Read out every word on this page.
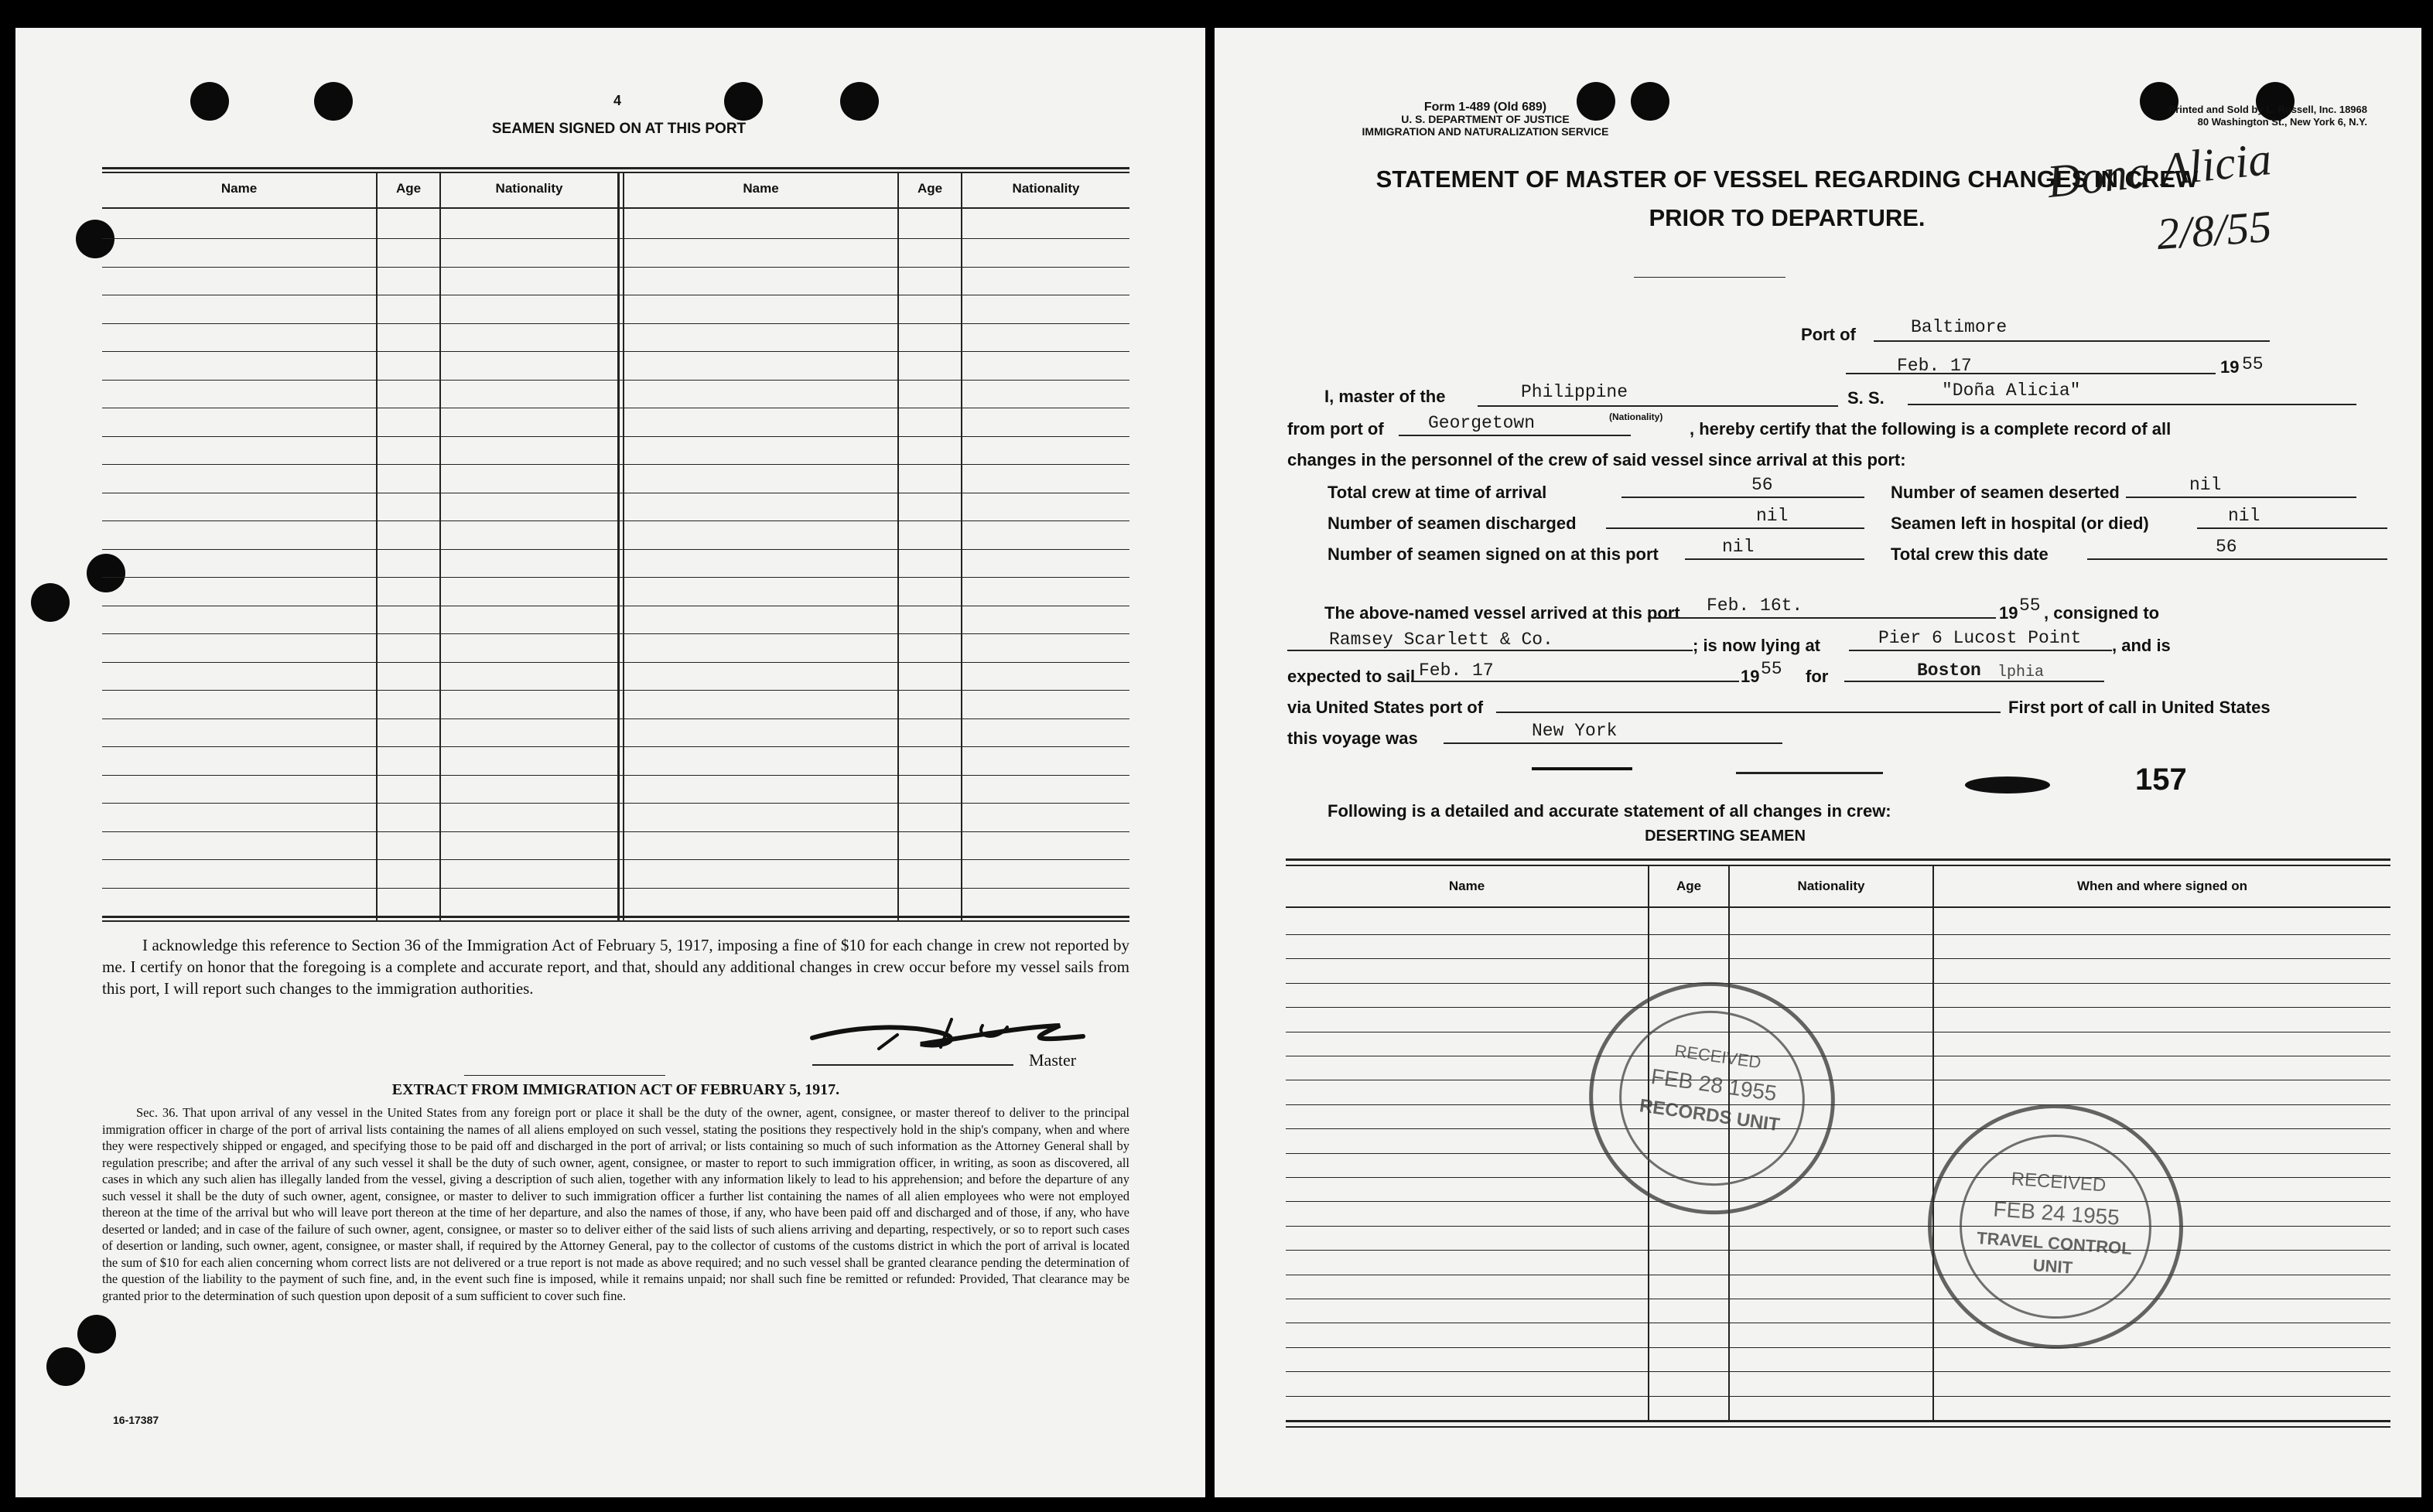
4
SEAMEN SIGNED ON AT THIS PORT
Name	Age	Nationality	Name	Age	Nationality
I acknowledge this reference to Section 36 of the Immigration Act of February 5, 1917, imposing a fine of $10 for each change in crew not reported by me. I certify on honor that the foregoing is a complete and accurate report, and that, should any additional changes in crew occur before my vessel sails from this port, I will report such changes to the immigration authorities.
Master
EXTRACT FROM IMMIGRATION ACT OF FEBRUARY 5, 1917.
Sec. 36. That upon arrival of any vessel in the United States from any foreign port or place it shall be the duty of the owner, agent, consignee, or master thereof to deliver to the principal immigration officer in charge of the port of arrival lists containing the names of all aliens employed on such vessel, stating the positions they respectively hold in the ship's company, when and where they were respectively shipped or engaged, and specifying those to be paid off and discharged in the port of arrival; or lists containing so much of such information as the Attorney General shall by regulation prescribe; and after the arrival of any such vessel it shall be the duty of such owner, agent, consignee, or master to report to such immigration officer, in writing, as soon as discovered, all cases in which any such alien has illegally landed from the vessel, giving a description of such alien, together with any information likely to lead to his apprehension; and before the departure of any such vessel it shall be the duty of such owner, agent, consignee, or master to deliver to such immigration officer a further list containing the names of all alien employees who were not employed thereon at the time of the arrival but who will leave port thereon at the time of her departure, and also the names of those, if any, who have been paid off and discharged and of those, if any, who have deserted or landed; and in case of the failure of such owner, agent, consignee, or master so to deliver either of the said lists of such aliens arriving and departing, respectively, or so to report such cases of desertion or landing, such owner, agent, consignee, or master shall, if required by the Attorney General, pay to the collector of customs of the customs district in which the port of arrival is located the sum of $10 for each alien concerning whom correct lists are not delivered or a true report is not made as above required; and no such vessel shall be granted clearance pending the determination of the question of the liability to the payment of such fine, and, in the event such fine is imposed, while it remains unpaid; nor shall such fine be remitted or refunded: Provided, That clearance may be granted prior to the determination of such question upon deposit of a sum sufficient to cover such fine.
16-17387
Form 1-489 (Old 689)
U. S. DEPARTMENT OF JUSTICE
IMMIGRATION AND NATURALIZATION SERVICE
Printed and Sold by L. Russell, Inc. 18968
80 Washington St., New York 6, N.Y.
Dona Alicia
2/8/55
STATEMENT OF MASTER OF VESSEL REGARDING CHANGES IN CREW
PRIOR TO DEPARTURE.
Port of	Baltimore
Feb. 17	19 55
I, master of the	Philippine	S. S.	"Doña Alicia"
from port of Georgetown	(Nationality)
, hereby certify that the following is a complete record of all
changes in the personnel of the crew of said vessel since arrival at this port:
Total crew at time of arrival	56	Number of seamen deserted	nil
Number of seamen discharged	nil	Seamen left in hospital (or died)	nil
Number of seamen signed on at this port	nil	Total crew this date	56
The above-named vessel arrived at this port Feb. 16t.	19 55 , consigned to
Ramsey Scarlett & Co.	; is now lying at	Pier 6 Lucost Point , and is
expected to sail Feb. 17	19 55 for	Boston lphia
via United States port of	First port of call in United States
this voyage was	New York
157
Following is a detailed and accurate statement of all changes in crew:
DESERTING SEAMEN
Name	Age	Nationality	When and where signed on
RECEIVED
FEB 28 1955
RECORDS UNIT
RECEIVED
FEB 24 1955
TRAVEL CONTROL
UNIT
